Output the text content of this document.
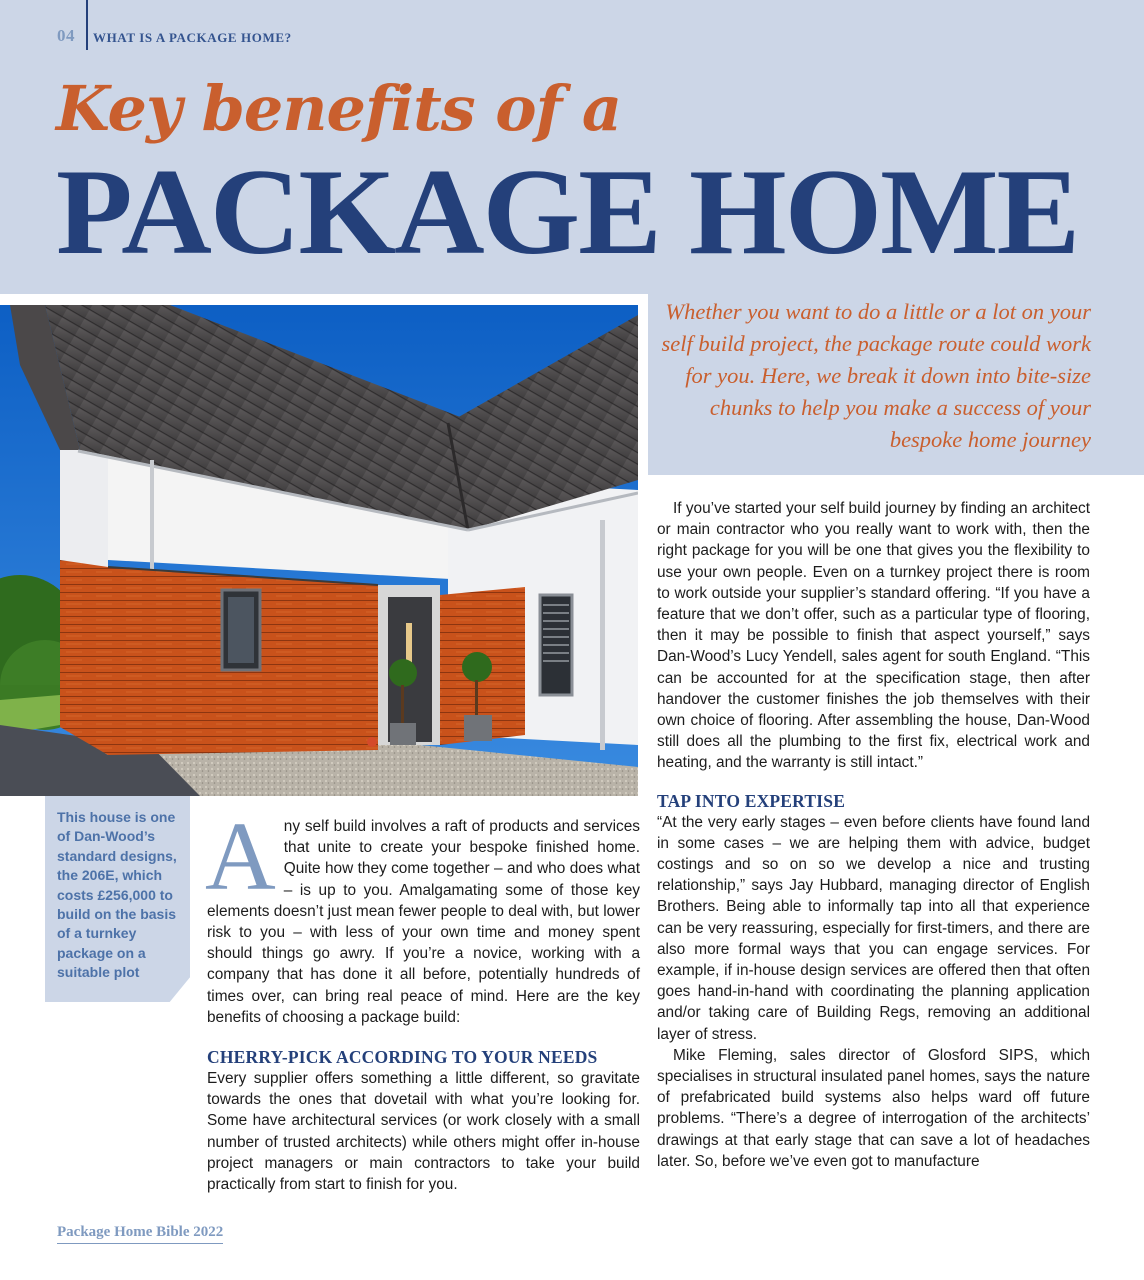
04 WHAT IS A PACKAGE HOME?
Key benefits of a
PACKAGE HOME

Whether you want to do a little or a lot on your self build project, the package route could work for you. Here, we break it down into bite-size chunks to help you make a success of your bespoke home journey

This house is one of Dan-Wood’s standard designs, the 206E, which costs £256,000 to build on the basis of a turnkey package on a suitable plot

Any self build involves a raft of products and services that unite to create your bespoke finished home. Quite how they come together – and who does what – is up to you. Amalgamating some of those key elements doesn’t just mean fewer people to deal with, but lower risk to you – with less of your own time and money spent should things go awry. If you’re a novice, working with a company that has done it all before, potentially hundreds of times over, can bring real peace of mind. Here are the key benefits of choosing a package build:

CHERRY-PICK ACCORDING TO YOUR NEEDS

Every supplier offers something a little different, so gravitate towards the ones that dovetail with what you’re looking for. Some have architectural services (or work closely with a small number of trusted architects) while others might offer in-house project managers or main contractors to take your build practically from start to finish for you.

If you’ve started your self build journey by finding an architect or main contractor who you really want to work with, then the right package for you will be one that gives you the flexibility to use your own people. Even on a turnkey project there is room to work outside your supplier’s standard offering. “If you have a feature that we don’t offer, such as a particular type of flooring, then it may be possible to finish that aspect yourself,” says Dan-Wood’s Lucy Yendell, sales agent for south England. “This can be accounted for at the specification stage, then after handover the customer finishes the job themselves with their own choice of flooring. After assembling the house, Dan-Wood still does all the plumbing to the first fix, electrical work and heating, and the warranty is still intact.”

TAP INTO EXPERTISE

“At the very early stages – even before clients have found land in some cases – we are helping them with advice, budget costings and so on so we develop a nice and trusting relationship,” says Jay Hubbard, managing director of English Brothers. Being able to informally tap into all that experience can be very reassuring, especially for first-timers, and there are also more formal ways that you can engage services. For example, if in-house design services are offered then that often goes hand-in-hand with coordinating the planning application and/or taking care of Building Regs, removing an additional layer of stress.

Mike Fleming, sales director of Glosford SIPS, which specialises in structural insulated panel homes, says the nature of prefabricated build systems also helps ward off future problems. “There’s a degree of interrogation of the architects’ drawings at that early stage that can save a lot of headaches later. So, before we’ve even got to manufacture

Package Home Bible 2022
